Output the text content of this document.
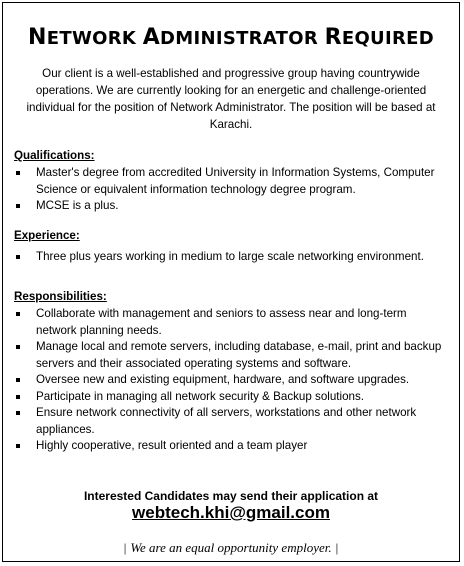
NETWORK ADMINISTRATOR REQUIRED

Our client is a well-established and progressive group having countrywide operations. We are currently looking for an energetic and challenge-oriented individual for the position of Network Administrator. The position will be based at Karachi.

Qualifications:

Master's degree from accredited University in Information Systems, Computer Science or equivalent information technology degree program.
MCSE is a plus.

Experience:

Three plus years working in medium to large scale networking environment.

Responsibilities:

Collaborate with management and seniors to assess near and long-term network planning needs.
Manage local and remote servers, including database, e-mail, print and backup servers and their associated operating systems and software.
Oversee new and existing equipment, hardware, and software upgrades.
Participate in managing all network security & Backup solutions.
Ensure network connectivity of all servers, workstations and other network appliances.
Highly cooperative, result oriented and a team player

Interested Candidates may send their application at

webtech.khi@gmail.com

| We are an equal opportunity employer. |
